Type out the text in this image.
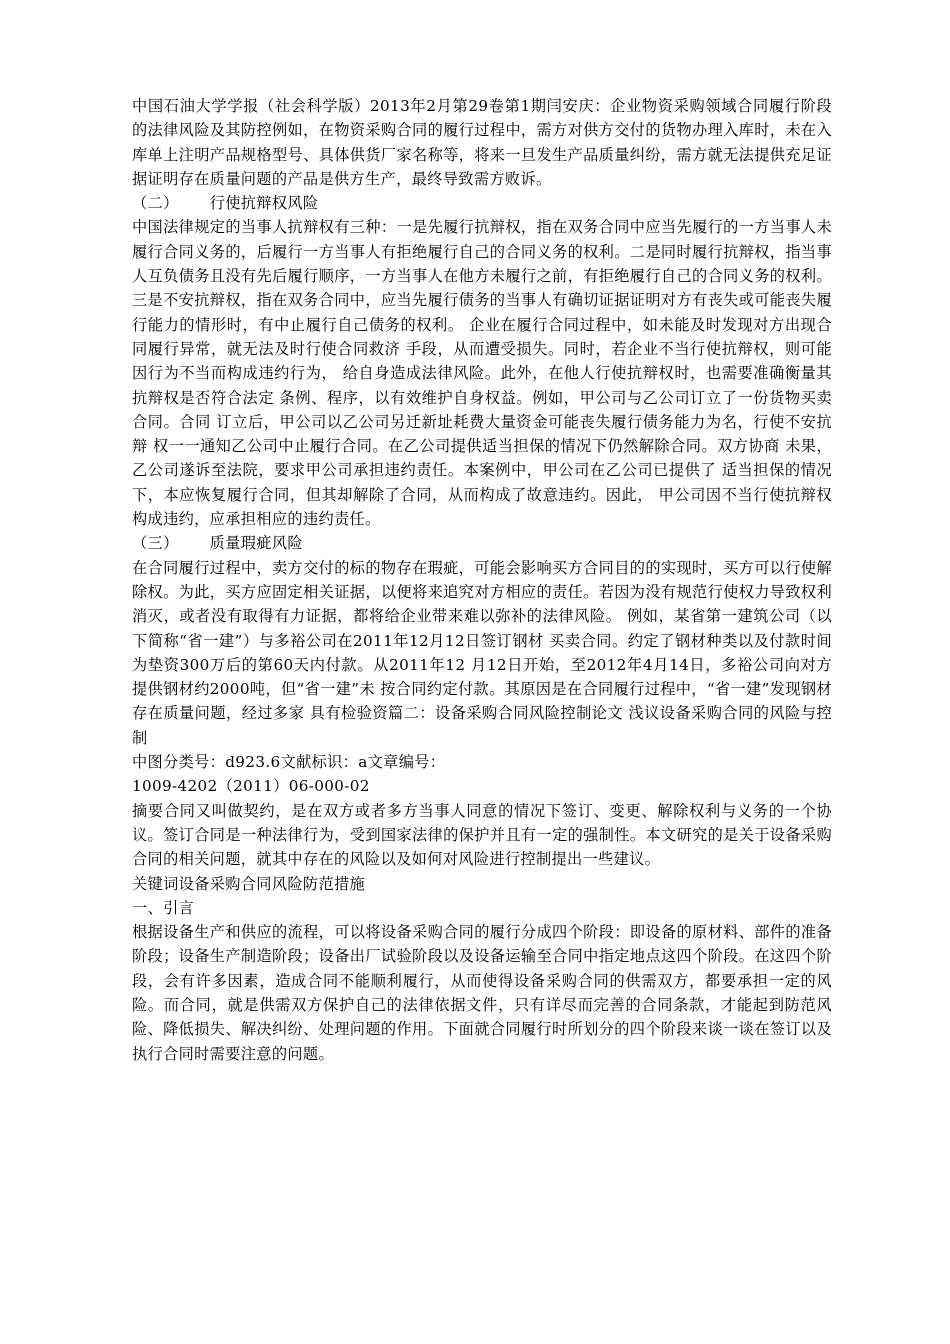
中国石油大学学报（社会科学版）2013年2月第29卷第1期闫安庆：企业物资采购领域合同履行阶段的法律风险及其防控例如，在物资采购合同的履行过程中，需方对供方交付的货物办理入库时，未在入库单上注明产品规格型号、具体供货厂家名称等，将来一旦发生产品质量纠纷，需方就无法提供充足证据证明存在质量问题的产品是供方生产，最终导致需方败诉。

（二）      行使抗辩权风险

中国法律规定的当事人抗辩权有三种：一是先履行抗辩权，指在双务合同中应当先履行的一方当事人未履行合同义务的，后履行一方当事人有拒绝履行自己的合同义务的权利。二是同时履行抗辩权，指当事人互负债务且没有先后履行顺序，一方当事人在他方未履行之前，有拒绝履行自己的合同义务的权利。三是不安抗辩权，指在双务合同中，应当先履行债务的当事人有确切证据证明对方有丧失或可能丧失履行能力的情形时，有中止履行自己债务的权利。 企业在履行合同过程中，如未能及时发现对方出现合同履行异常，就无法及时行使合同救济 手段，从而遭受损失。同时，若企业不当行使抗辩权，则可能因行为不当而构成违约行为， 给自身造成法律风险。此外，在他人行使抗辩权时，也需要准确衡量其抗辩权是否符合法定 条例、程序，以有效维护自身权益。例如，甲公司与乙公司订立了一份货物买卖合同。合同 订立后，甲公司以乙公司另迁新址耗费大量资金可能丧失履行债务能力为名，行使不安抗辩 权一一通知乙公司中止履行合同。在乙公司提供适当担保的情况下仍然解除合同。双方协商 未果，乙公司遂诉至法院，要求甲公司承担违约责任。本案例中，甲公司在乙公司已提供了 适当担保的情况下，本应恢复履行合同，但其却解除了合同，从而构成了故意违约。因此， 甲公司因不当行使抗辩权构成违约，应承担相应的违约责任。

（三）      质量瑕疵风险

在合同履行过程中，卖方交付的标的物存在瑕疵，可能会影响买方合同目的的实现时，买方可以行使解除权。为此，买方应固定相关证据，以便将来追究对方相应的责任。若因为没有规范行使权力导致权利消灭，或者没有取得有力证据，都将给企业带来难以弥补的法律风险。 例如，某省第一建筑公司（以下简称“省一建”）与多裕公司在2011年12月12日签订钢材 买卖合同。约定了钢材种类以及付款时间为垫资300万后的第60天内付款。从2011年12 月12日开始，至2012年4月14日，多裕公司向对方提供钢材约2000吨，但“省一建”未 按合同约定付款。其原因是在合同履行过程中，“省一建”发现钢材存在质量问题，经过多家 具有检验资篇二：设备采购合同风险控制论文 浅议设备采购合同的风险与控制

中图分类号：d923.6文献标识：a文章编号：

1009-4202（2011）06-000-02

摘要合同又叫做契约，是在双方或者多方当事人同意的情况下签订、变更、解除权利与义务的一个协议。签订合同是一种法律行为，受到国家法律的保护并且有一定的强制性。本文研究的是关于设备采购合同的相关问题，就其中存在的风险以及如何对风险进行控制提出一些建议。

关键词设备采购合同风险防范措施

一、引言

根据设备生产和供应的流程，可以将设备采购合同的履行分成四个阶段：即设备的原材料、部件的准备阶段；设备生产制造阶段；设备出厂试验阶段以及设备运输至合同中指定地点这四个阶段。在这四个阶段，会有许多因素，造成合同不能顺利履行，从而使得设备采购合同的供需双方，都要承担一定的风险。而合同，就是供需双方保护自己的法律依据文件，只有详尽而完善的合同条款，才能起到防范风险、降低损失、解决纠纷、处理问题的作用。下面就合同履行时所划分的四个阶段来谈一谈在签订以及执行合同时需要注意的问题。
